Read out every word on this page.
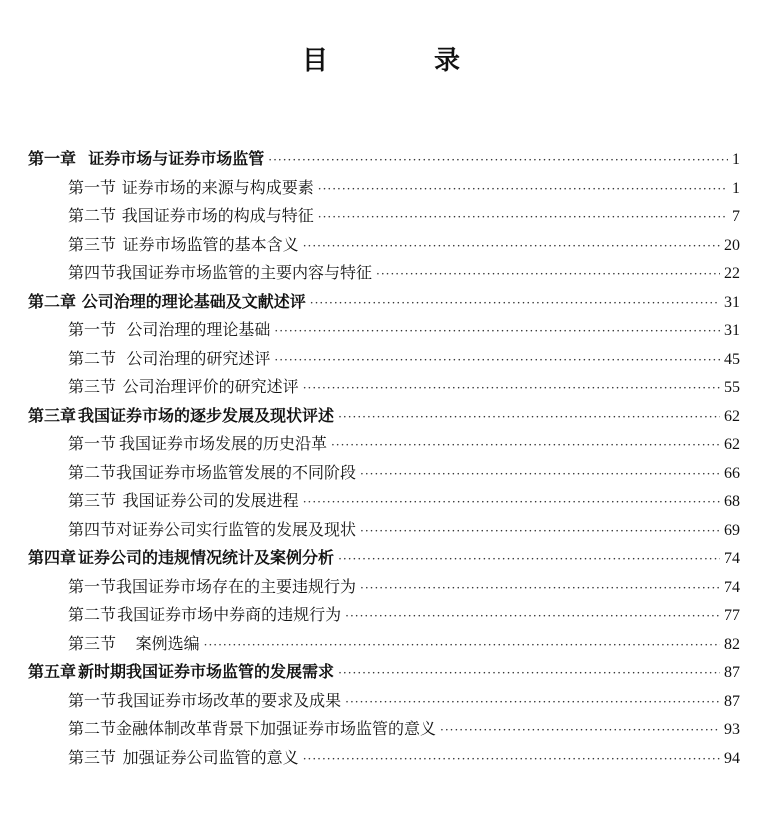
目　录
第一章 证券市场与证券市场监管 ·····	1
第一节 证券市场的来源与构成要素 ·····	1
第二节 我国证券市场的构成与特征 ·····	7
第三节 证券市场监管的基本含义 ·····	20
第四节 我国证券市场监管的主要内容与特征 ·····	22
第二章 公司治理的理论基础及文献述评 ·····	31
第一节 公司治理的理论基础 ·····	31
第二节 公司治理的研究述评 ·····	45
第三节 公司治理评价的研究述评 ·····	55
第三章 我国证券市场的逐步发展及现状评述 ·····	62
第一节 我国证券市场发展的历史沿革 ·····	62
第二节 我国证券市场监管发展的不同阶段 ·····	66
第三节 我国证券公司的发展进程 ·····	68
第四节 对证券公司实行监管的发展及现状 ·····	69
第四章 证券公司的违规情况统计及案例分析 ·····	74
第一节 我国证券市场存在的主要违规行为 ·····	74
第二节 我国证券市场中券商的违规行为 ·····	77
第三节	案例选编 ·····	82
第五章 新时期我国证券市场监管的发展需求 ·····	87
第一节 我国证券市场改革的要求及成果 ·····	87
第二节 金融体制改革背景下加强证券市场监管的意义 ·····	93
第三节 加强证券公司监管的意义 ·····	94
